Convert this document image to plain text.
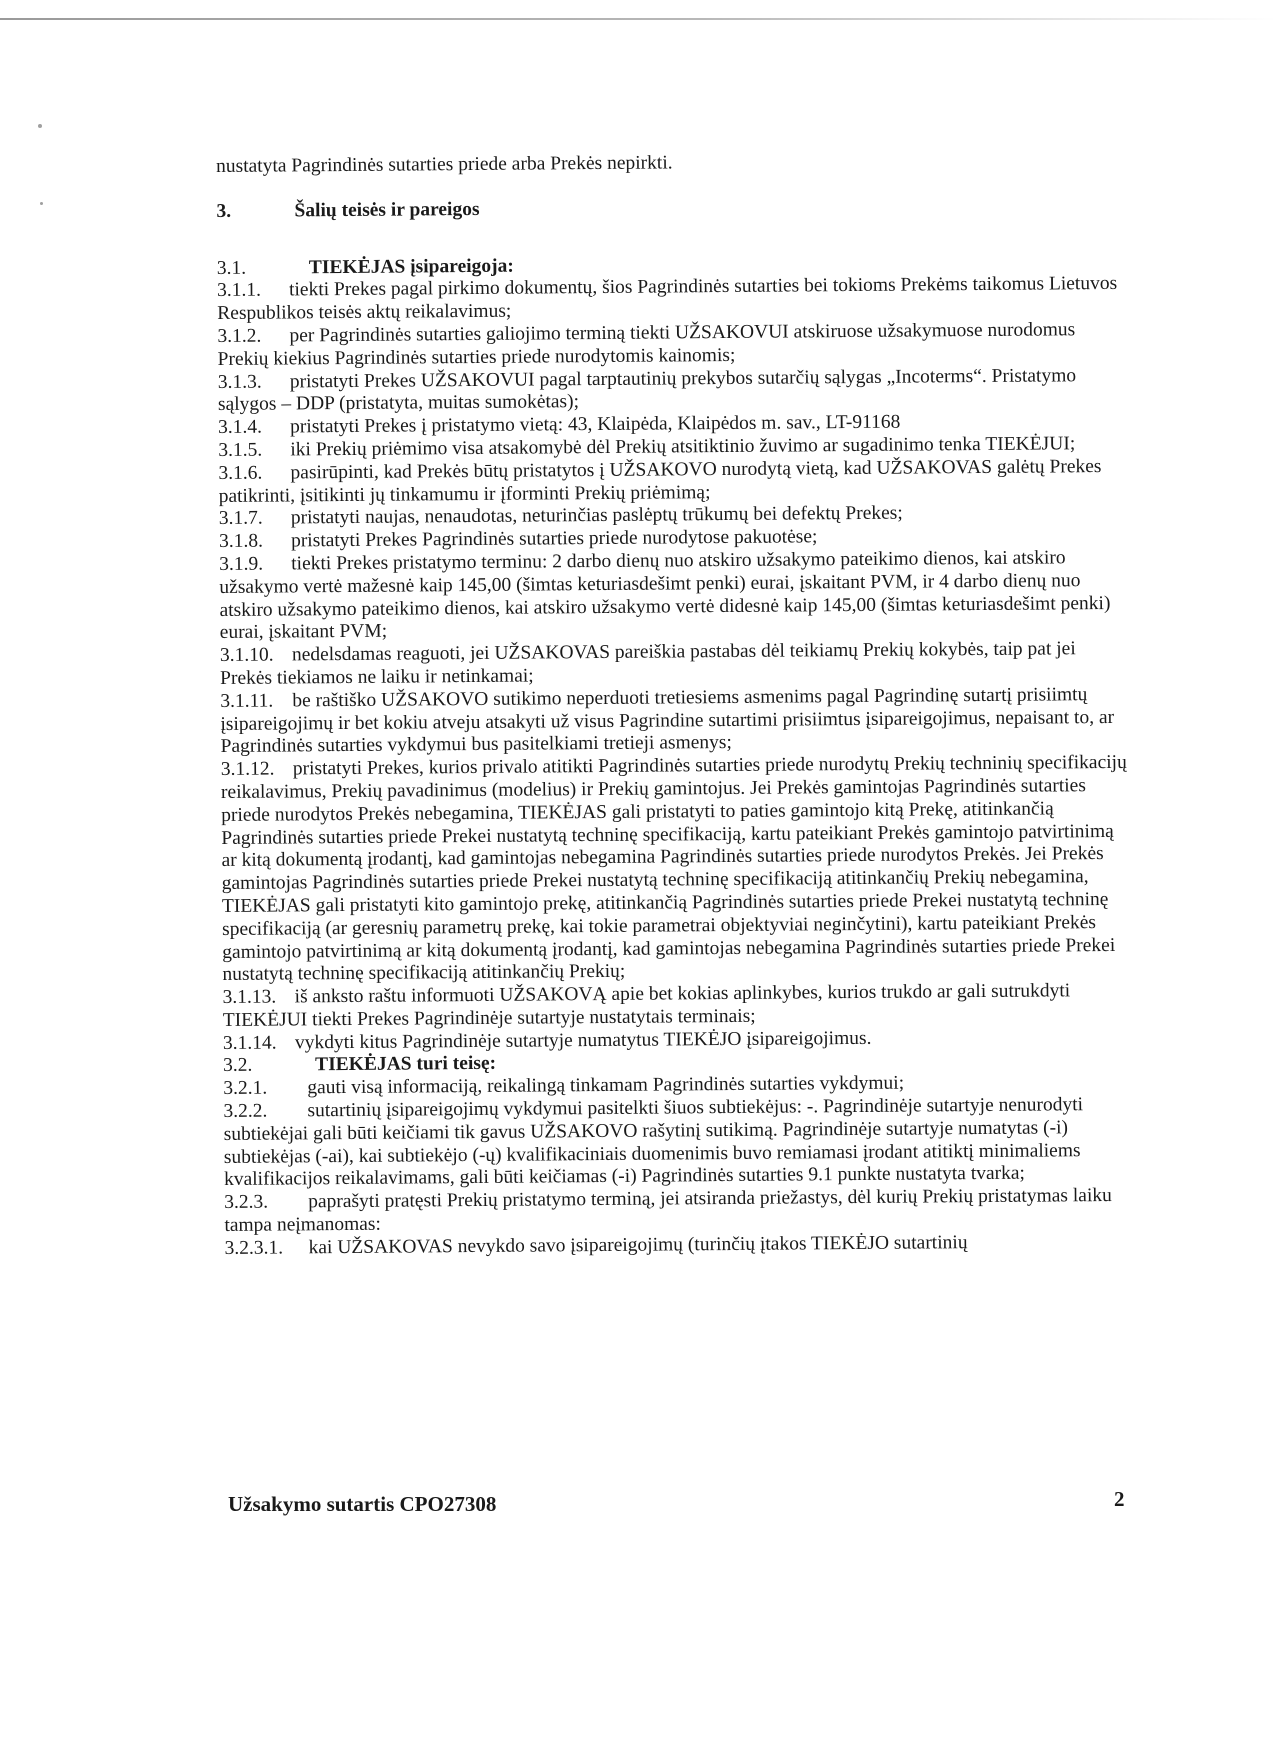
nustatyta Pagrindinės sutarties priede arba Prekės nepirkti.

3.	Šalių teisės ir pareigos

3.1.	TIEKĖJAS įsipareigoja:

3.1.1. tiekti Prekes pagal pirkimo dokumentų, šios Pagrindinės sutarties bei tokioms Prekėms taikomus Lietuvos Respublikos teisės aktų reikalavimus;

3.1.2. per Pagrindinės sutarties galiojimo terminą tiekti UŽSAKOVUI atskiruose užsakymuose nurodomus Prekių kiekius Pagrindinės sutarties priede nurodytomis kainomis;

3.1.3. pristatyti Prekes UŽSAKOVUI pagal tarptautinių prekybos sutarčių sąlygas „Incoterms“. Pristatymo sąlygos – DDP (pristatyta, muitas sumokėtas);

3.1.4. pristatyti Prekes į pristatymo vietą: 43, Klaipėda, Klaipėdos m. sav., LT-91168

3.1.5. iki Prekių priėmimo visa atsakomybė dėl Prekių atsitiktinio žuvimo ar sugadinimo tenka TIEKĖJUI;

3.1.6. pasirūpinti, kad Prekės būtų pristatytos į UŽSAKOVO nurodytą vietą, kad UŽSAKOVAS galėtų Prekes patikrinti, įsitikinti jų tinkamumu ir įforminti Prekių priėmimą;

3.1.7. pristatyti naujas, nenaudotas, neturinčias paslėptų trūkumų bei defektų Prekes;

3.1.8. pristatyti Prekes Pagrindinės sutarties priede nurodytose pakuotėse;

3.1.9. tiekti Prekes pristatymo terminu: 2 darbo dienų nuo atskiro užsakymo pateikimo dienos, kai atskiro užsakymo vertė mažesnė kaip 145,00 (šimtas keturiasdešimt penki) eurai, įskaitant PVM, ir 4 darbo dienų nuo atskiro užsakymo pateikimo dienos, kai atskiro užsakymo vertė didesnė kaip 145,00 (šimtas keturiasdešimt penki) eurai, įskaitant PVM;

3.1.10. nedelsdamas reaguoti, jei UŽSAKOVAS pareiškia pastabas dėl teikiamų Prekių kokybės, taip pat jei Prekės tiekiamos ne laiku ir netinkamai;

3.1.11. be raštiško UŽSAKOVO sutikimo neperduoti tretiesiems asmenims pagal Pagrindinę sutartį prisiimtų įsipareigojimų ir bet kokiu atveju atsakyti už visus Pagrindine sutartimi prisiimtus įsipareigojimus, nepaisant to, ar Pagrindinės sutarties vykdymui bus pasitelkiami tretieji asmenys;

3.1.12. pristatyti Prekes, kurios privalo atitikti Pagrindinės sutarties priede nurodytų Prekių techninių specifikacijų reikalavimus, Prekių pavadinimus (modelius) ir Prekių gamintojus. Jei Prekės gamintojas Pagrindinės sutarties priede nurodytos Prekės nebegamina, TIEKĖJAS gali pristatyti to paties gamintojo kitą Prekę, atitinkančią Pagrindinės sutarties priede Prekei nustatytą techninę specifikaciją, kartu pateikiant Prekės gamintojo patvirtinimą ar kitą dokumentą įrodantį, kad gamintojas nebegamina Pagrindinės sutarties priede nurodytos Prekės. Jei Prekės gamintojas Pagrindinės sutarties priede Prekei nustatytą techninę specifikaciją atitinkančių Prekių nebegamina, TIEKĖJAS gali pristatyti kito gamintojo prekę, atitinkančią Pagrindinės sutarties priede Prekei nustatytą techninę specifikaciją (ar geresnių parametrų prekę, kai tokie parametrai objektyviai neginčytini), kartu pateikiant Prekės gamintojo patvirtinimą ar kitą dokumentą įrodantį, kad gamintojas nebegamina Pagrindinės sutarties priede Prekei nustatytą techninę specifikaciją atitinkančių Prekių;

3.1.13. iš anksto raštu informuoti UŽSAKOVĄ apie bet kokias aplinkybes, kurios trukdo ar gali sutrukdyti TIEKĖJUI tiekti Prekes Pagrindinėje sutartyje nustatytais terminais;

3.1.14. vykdyti kitus Pagrindinėje sutartyje numatytus TIEKĖJO įsipareigojimus.

3.2.	TIEKĖJAS turi teisę:

3.2.1. gauti visą informaciją, reikalingą tinkamam Pagrindinės sutarties vykdymui;

3.2.2. sutartinių įsipareigojimų vykdymui pasitelkti šiuos subtiekėjus: -. Pagrindinėje sutartyje nenurodyti subtiekėjai gali būti keičiami tik gavus UŽSAKOVO rašytinį sutikimą. Pagrindinėje sutartyje numatytas (-i) subtiekėjas (-ai), kai subtiekėjo (-ų) kvalifikaciniais duomenimis buvo remiamasi įrodant atitiktį minimaliems kvalifikacijos reikalavimams, gali būti keičiamas (-i) Pagrindinės sutarties 9.1 punkte nustatyta tvarka;

3.2.3. paprašyti pratęsti Prekių pristatymo terminą, jei atsiranda priežastys, dėl kurių Prekių pristatymas laiku tampa neįmanomas:

3.2.3.1. kai UŽSAKOVAS nevykdo savo įsipareigojimų (turinčių įtakos TIEKĖJO sutartinių

Užsakymo sutartis CPO27308	2
